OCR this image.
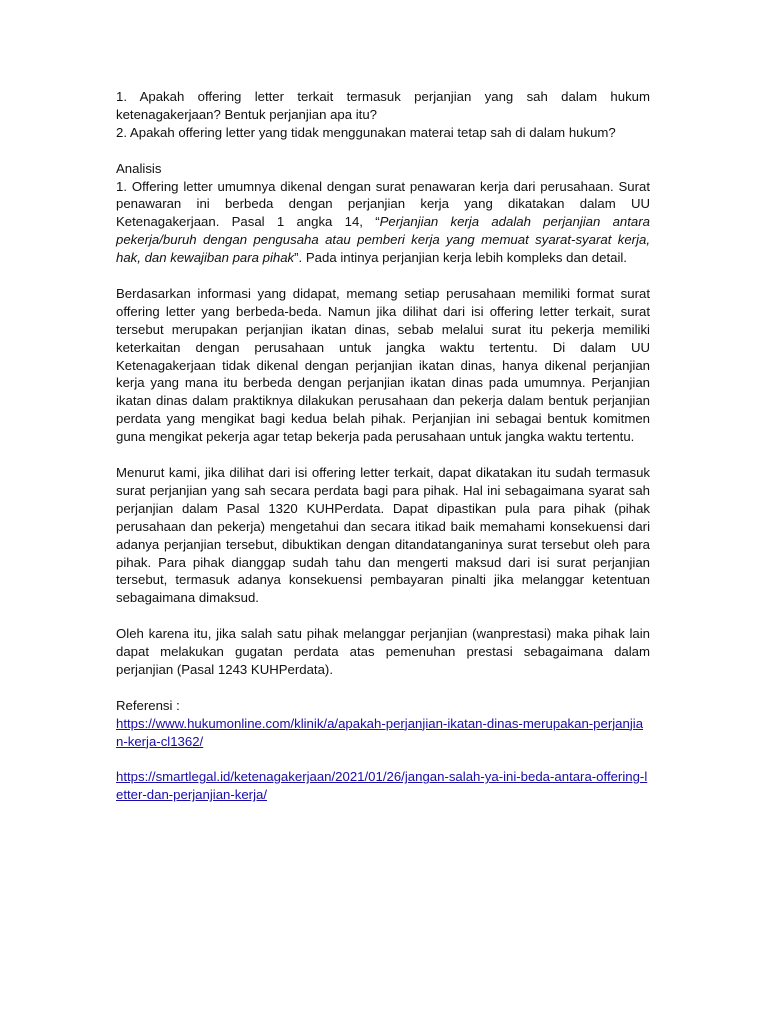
1. Apakah offering letter terkait termasuk perjanjian yang sah dalam hukum ketenagakerjaan? Bentuk perjanjian apa itu?

2. Apakah offering letter yang tidak menggunakan materai tetap sah di dalam hukum?

Analisis

1. Offering letter umumnya dikenal dengan surat penawaran kerja dari perusahaan. Surat penawaran ini berbeda dengan perjanjian kerja yang dikatakan dalam UU Ketenagakerjaan. Pasal 1 angka 14, “Perjanjian kerja adalah perjanjian antara pekerja/buruh dengan pengusaha atau pemberi kerja yang memuat syarat-syarat kerja, hak, dan kewajiban para pihak”. Pada intinya perjanjian kerja lebih kompleks dan detail.

Berdasarkan informasi yang didapat, memang setiap perusahaan memiliki format surat offering letter yang berbeda-beda. Namun jika dilihat dari isi offering letter terkait, surat tersebut merupakan perjanjian ikatan dinas, sebab melalui surat itu pekerja memiliki keterkaitan dengan perusahaan untuk jangka waktu tertentu. Di dalam UU Ketenagakerjaan tidak dikenal dengan perjanjian ikatan dinas, hanya dikenal perjanjian kerja yang mana itu berbeda dengan perjanjian ikatan dinas pada umumnya. Perjanjian ikatan dinas dalam praktiknya dilakukan perusahaan dan pekerja dalam bentuk perjanjian perdata yang mengikat bagi kedua belah pihak. Perjanjian ini sebagai bentuk komitmen guna mengikat pekerja agar tetap bekerja pada perusahaan untuk jangka waktu tertentu.

Menurut kami, jika dilihat dari isi offering letter terkait, dapat dikatakan itu sudah termasuk surat perjanjian yang sah secara perdata bagi para pihak. Hal ini sebagaimana syarat sah perjanjian dalam Pasal 1320 KUHPerdata. Dapat dipastikan pula para pihak (pihak perusahaan dan pekerja) mengetahui dan secara itikad baik memahami konsekuensi dari adanya perjanjian tersebut, dibuktikan dengan ditandatanganinya surat tersebut oleh para pihak. Para pihak dianggap sudah tahu dan mengerti maksud dari isi surat perjanjian tersebut, termasuk adanya konsekuensi pembayaran pinalti jika melanggar ketentuan sebagaimana dimaksud.

Oleh karena itu, jika salah satu pihak melanggar perjanjian (wanprestasi) maka pihak lain dapat melakukan gugatan perdata atas pemenuhan prestasi sebagaimana dalam perjanjian (Pasal 1243 KUHPerdata).

Referensi :

https://www.hukumonline.com/klinik/a/apakah-perjanjian-ikatan-dinas-merupakan-perjanjian-kerja-cl1362/

https://smartlegal.id/ketenagakerjaan/2021/01/26/jangan-salah-ya-ini-beda-antara-offering-letter-dan-perjanjian-kerja/
